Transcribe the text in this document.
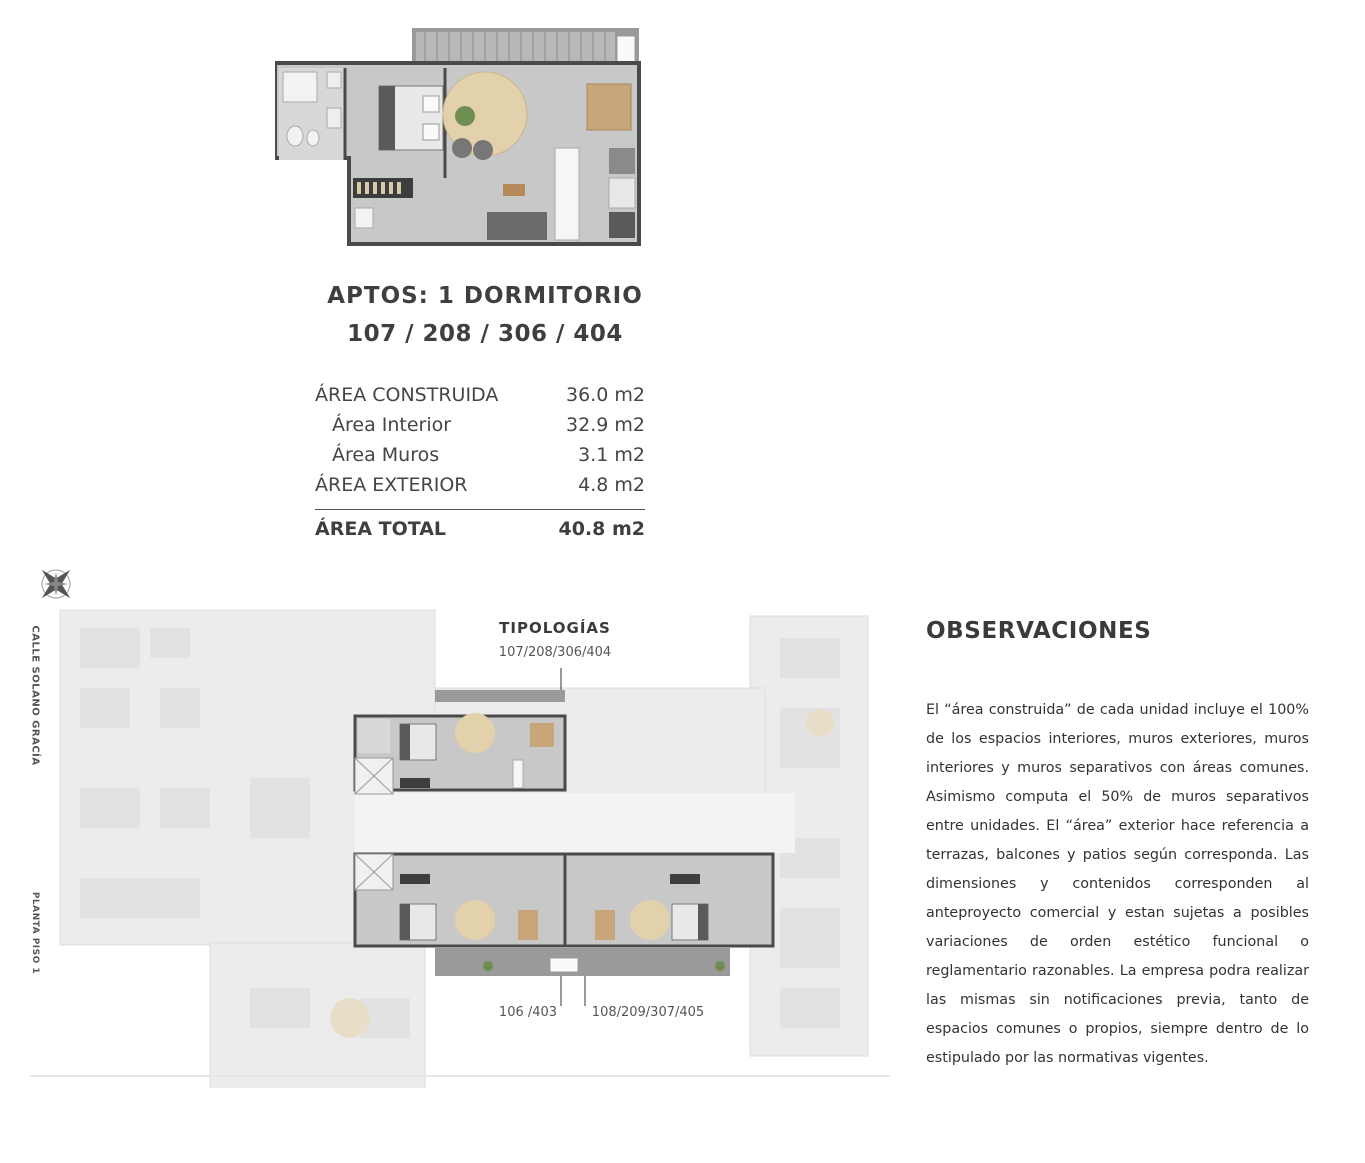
APTOS: 1 DORMITORIO
107 / 208 / 306 / 404
ÁREA CONSTRUIDA	36.0 m2
Área Interior	32.9 m2
Área Muros	3.1 m2
ÁREA EXTERIOR	4.8 m2
ÁREA TOTAL	40.8 m2
CALLE SOLANO GRACÍA
PLANTA PISO 1
TIPOLOGÍAS
107/208/306/404
106 /403	108/209/307/405
OBSERVACIONES
El “área construida” de cada unidad incluye el 100% de los espacios interiores, muros exteriores, muros interiores y muros separativos con áreas comunes. Asimismo computa el 50% de muros separativos entre unidades. El “área” exterior hace referencia a terrazas, balcones y patios según corresponda. Las dimensiones y contenidos corresponden al anteproyecto comercial y estan sujetas a posibles variaciones de orden estético funcional o reglamentario razonables. La empresa podra realizar las mismas sin notificaciones previa, tanto de espacios comunes o propios, siempre dentro de lo estipulado por las normativas vigentes.
